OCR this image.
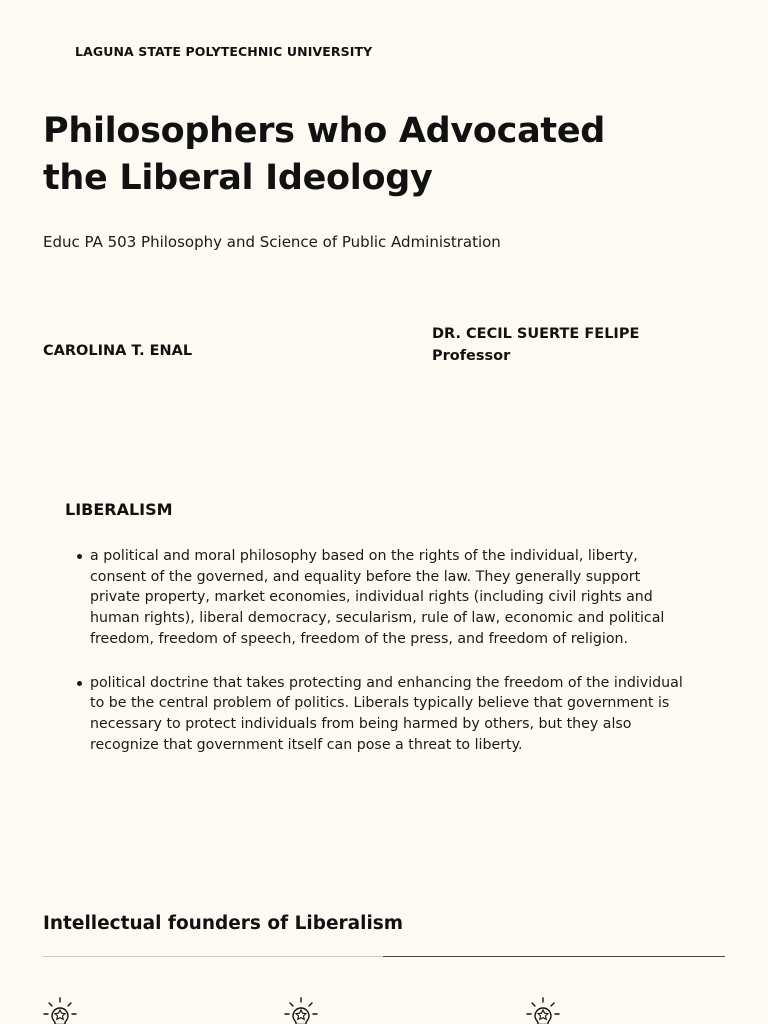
LAGUNA STATE POLYTECHNIC UNIVERSITY
Philosophers who Advocated
the Liberal Ideology
Educ PA 503 Philosophy and Science of Public Administration
CAROLINA T. ENAL
DR. CECIL SUERTE FELIPE
Professor
LIBERALISM
a political and moral philosophy based on the rights of the individual, liberty, consent of the governed, and equality before the law. They generally support private property, market economies, individual rights (including civil rights and human rights), liberal democracy, secularism, rule of law, economic and political freedom, freedom of speech, freedom of the press, and freedom of religion.
political doctrine that takes protecting and enhancing the freedom of the individual to be the central problem of politics. Liberals typically believe that government is necessary to protect individuals from being harmed by others, but they also recognize that government itself can pose a threat to liberty.
Intellectual founders of Liberalism
